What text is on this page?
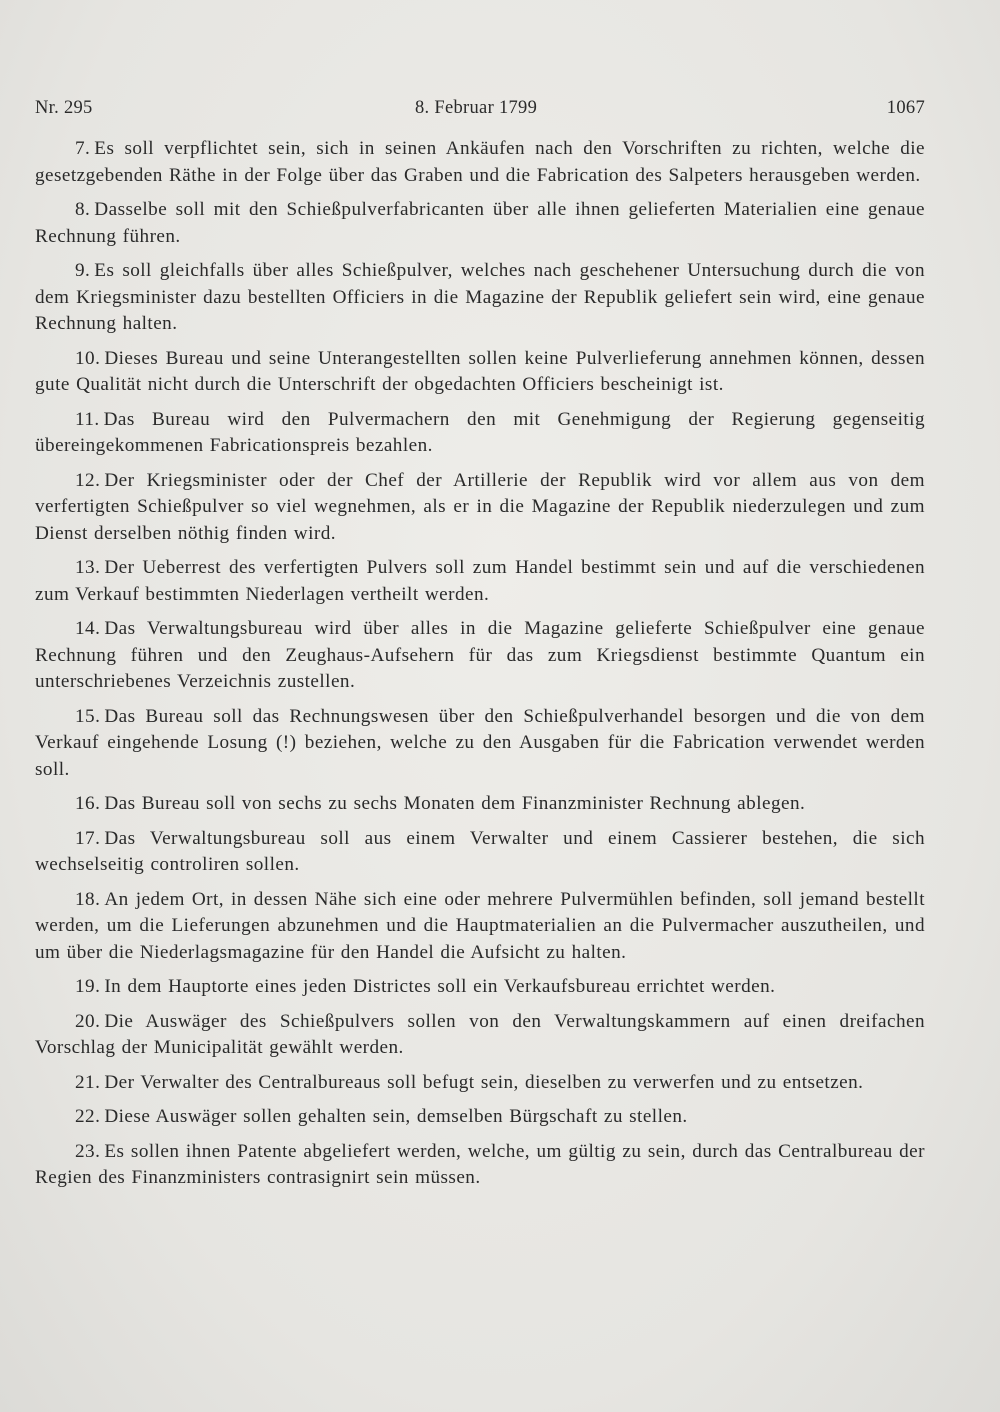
Nr. 295	8. Februar 1799	1067

7. Es soll verpflichtet sein, sich in seinen Ankäufen nach den Vorschriften zu richten, welche die gesetzgebenden Räthe in der Folge über das Graben und die Fabrication des Salpeters herausgeben werden.

8. Dasselbe soll mit den Schießpulverfabricanten über alle ihnen gelieferten Materialien eine genaue Rechnung führen.

9. Es soll gleichfalls über alles Schießpulver, welches nach geschehener Untersuchung durch die von dem Kriegsminister dazu bestellten Officiers in die Magazine der Republik geliefert sein wird, eine genaue Rechnung halten.

10. Dieses Bureau und seine Unterangestellten sollen keine Pulverlieferung annehmen können, dessen gute Qualität nicht durch die Unterschrift der obgedachten Officiers bescheinigt ist.

11. Das Bureau wird den Pulvermachern den mit Genehmigung der Regierung gegenseitig übereingekommenen Fabricationspreis bezahlen.

12. Der Kriegsminister oder der Chef der Artillerie der Republik wird vor allem aus von dem verfertigten Schießpulver so viel wegnehmen, als er in die Magazine der Republik niederzulegen und zum Dienst derselben nöthig finden wird.

13. Der Ueberrest des verfertigten Pulvers soll zum Handel bestimmt sein und auf die verschiedenen zum Verkauf bestimmten Niederlagen vertheilt werden.

14. Das Verwaltungsbureau wird über alles in die Magazine gelieferte Schießpulver eine genaue Rechnung führen und den Zeughaus-Aufsehern für das zum Kriegsdienst bestimmte Quantum ein unterschriebenes Verzeichnis zustellen.

15. Das Bureau soll das Rechnungswesen über den Schießpulverhandel besorgen und die von dem Verkauf eingehende Losung (!) beziehen, welche zu den Ausgaben für die Fabrication verwendet werden soll.

16. Das Bureau soll von sechs zu sechs Monaten dem Finanzminister Rechnung ablegen.

17. Das Verwaltungsbureau soll aus einem Verwalter und einem Cassierer bestehen, die sich wechselseitig controliren sollen.

18. An jedem Ort, in dessen Nähe sich eine oder mehrere Pulvermühlen befinden, soll jemand bestellt werden, um die Lieferungen abzunehmen und die Hauptmaterialien an die Pulvermacher auszutheilen, und um über die Niederlagsmagazine für den Handel die Aufsicht zu halten.

19. In dem Hauptorte eines jeden Districtes soll ein Verkaufsbureau errichtet werden.

20. Die Auswäger des Schießpulvers sollen von den Verwaltungskammern auf einen dreifachen Vorschlag der Municipalität gewählt werden.

21. Der Verwalter des Centralbureaus soll befugt sein, dieselben zu verwerfen und zu entsetzen.

22. Diese Auswäger sollen gehalten sein, demselben Bürgschaft zu stellen.

23. Es sollen ihnen Patente abgeliefert werden, welche, um gültig zu sein, durch das Centralbureau der Regien des Finanzministers contrasignirt sein müssen.
